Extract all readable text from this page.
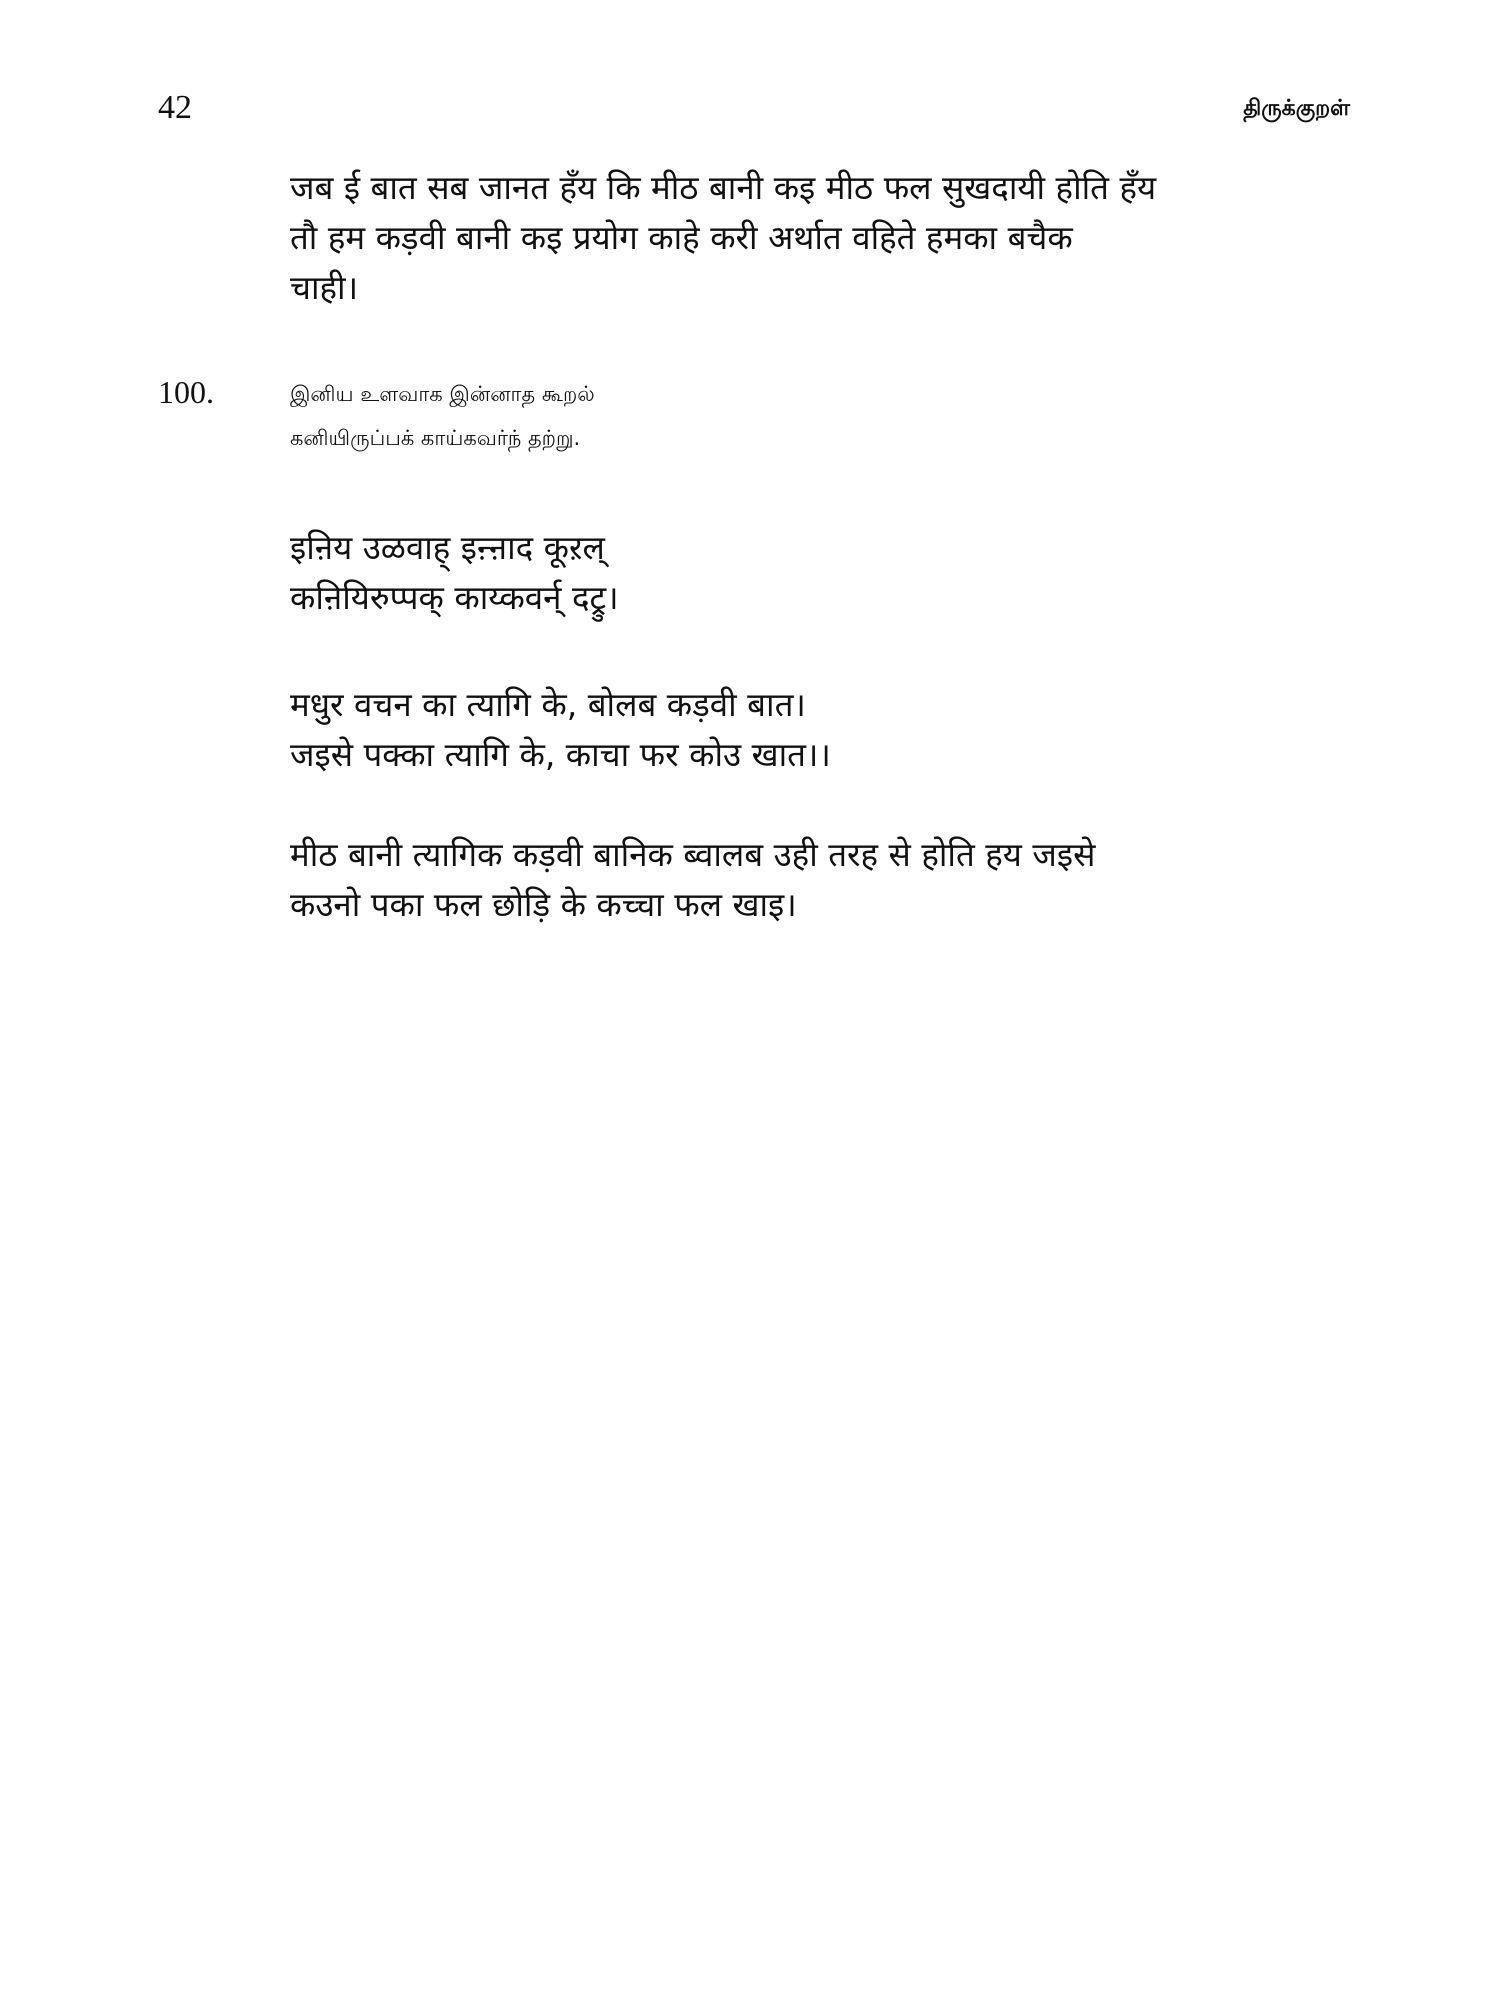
42	திருக்குறள்
जब ई बात सब जानत हँय कि मीठ बानी कइ मीठ फल सुखदायी होति हँय
तौ हम कड़वी बानी कइ प्रयोग काहे करी अर्थात वहिते हमका बचैक
चाही।
100.	இனிய உளவாக இன்னாத கூறல்
கனியிருப்பக் காய்கவர்ந் தற்று.
इऩिय उळवाह् इऩ्ऩाद कूऱल्
कऩियिरुप्पक् काय्कवर्न् दट्रु।
मधुर वचन का त्यागि के, बोलब कड़वी बात।
जइसे पक्का त्यागि के, काचा फर कोउ खात।।
मीठ बानी त्यागिक कड़वी बानिक ब्वालब उही तरह से होति हय जइसे
कउनो पका फल छोड़ि के कच्चा फल खाइ।
